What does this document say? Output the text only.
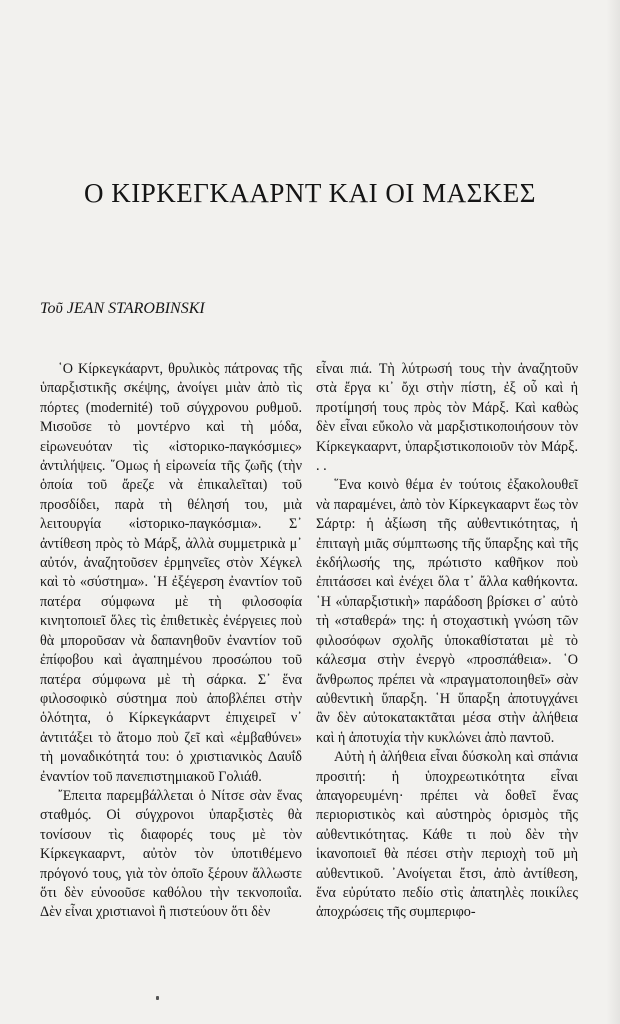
Ο ΚΙΡΚΕΓΚΑΑΡΝΤ ΚΑΙ ΟΙ ΜΑΣΚΕΣ

Τοῦ JEAN STAROBINSKI

῾Ο Κίρκεγκάαρντ, θρυλικὸς πάτρονας τῆς ὑπαρξιστικῆς σκέψης, ἀνοίγει μιὰν ἀπὸ τὶς πόρτες (modernité) τοῦ σύγχρονου ρυθμοῦ. Μισοῦσε τὸ μοντέρνο καὶ τὴ μόδα, εἰρωνευόταν τὶς «ἱστορικο-παγκόσμιες» ἀντιλήψεις. ῞Ομως ἡ εἰρωνεία τῆς ζωῆς (τὴν ὁποία τοῦ ἄρεζε νὰ ἐπικαλεῖται) τοῦ προσδίδει, παρὰ τὴ θέλησή του, μιὰ λειτουργία «ἱστορικο-παγκόσμια». Σ᾿ ἀντίθεση πρὸς τὸ Μάρξ, ἀλλὰ συμμετρικὰ μ᾿ αὐτόν, ἀναζητοῦσεν ἐρμηνεῖες στὸν Χέγκελ καὶ τὸ «σύστημα». ῾Η ἐξέγερση ἐναντίον τοῦ πατέρα σύμφωνα μὲ τὴ φιλοσοφία κινητοποιεῖ ὅλες τὶς ἐπιθετικὲς ἐνέργειες ποὺ θὰ μποροῦσαν νὰ δαπανηθοῦν ἐναντίον τοῦ ἐπίφοβου καὶ ἀγαπημένου προσώπου τοῦ πατέρα σύμφωνα μὲ τὴ σάρκα. Σ᾿ ἕνα φιλοσοφικὸ σύστημα ποὺ ἀποβλέπει στὴν ὁλότητα, ὁ Κίρκεγκάαρντ ἐπιχειρεῖ ν᾿ ἀντιτάξει τὸ ἄτομο ποὺ ζεῖ καὶ «ἐμβαθύνει» τὴ μοναδικότητά του: ὁ χριστιανικὸς Δαυΐδ ἐναντίον τοῦ πανεπιστημιακοῦ Γολιάθ.

῎Επειτα παρεμβάλλεται ὁ Νίτσε σὰν ἕνας σταθμός. Οἱ σύγχρονοι ὑπαρξιστὲς θὰ τονίσουν τὶς διαφορές τους μὲ τὸν Κίρκεγκααρντ, αὐτὸν τὸν ὑποτιθέμενο πρόγονό τους, γιὰ τὸν ὁποῖο ξέρουν ἄλλωστε ὅτι δὲν εὐνοοῦσε καθόλου τὴν τεκνοποιΐα. Δὲν εἶναι χριστιανοὶ ἢ πιστεύουν ὅτι δὲν

εἶναι πιά. Τὴ λύτρωσή τους τὴν ἀναζητοῦν στὰ ἔργα κι᾿ ὄχι στὴν πίστη, ἐξ οὗ καὶ ἡ προτίμησή τους πρὸς τὸν Μάρξ. Καὶ καθὼς δὲν εἶναι εὔκολο νὰ μαρξιστικοποιήσουν τὸν Κίρκεγκααρντ, ὑπαρξιστικοποιοῦν τὸν Μάρξ. . .

῞Ενα κοινὸ θέμα ἐν τούτοις ἐξακολουθεῖ νὰ παραμένει, ἀπὸ τὸν Κίρκεγκααρντ ἕως τὸν Σάρτρ: ἡ ἀξίωση τῆς αὐθεντικότητας, ἡ ἐπιταγὴ μιᾶς σύμπτωσης τῆς ὕπαρξης καὶ τῆς ἐκδήλωσής της, πρώτιστο καθῆκον ποὺ ἐπιτάσσει καὶ ἐνέχει ὅλα τ᾿ ἄλλα καθήκοντα. ῾Η «ὑπαρξιστικὴ» παράδοση βρίσκει σ᾿ αὐτὸ τὴ «σταθερά» της: ἡ στοχαστικὴ γνώση τῶν φιλοσόφων σχολῆς ὑποκαθίσταται μὲ τὸ κάλεσμα στὴν ἐνεργὸ «προσπάθεια». ῾Ο ἄνθρωπος πρέπει νὰ «πραγματοποιηθεῖ» σὰν αὐθεντικὴ ὕπαρξη. ῾Η ὕπαρξη ἀποτυγχάνει ἂν δὲν αὐτοκατακτᾶται μέσα στὴν ἀλήθεια καὶ ἡ ἀποτυχία τὴν κυκλώνει ἀπὸ παντοῦ.

Αὐτὴ ἡ ἀλήθεια εἶναι δύσκολη καὶ σπάνια προσιτή: ἡ ὑποχρεωτικότητα εἶναι ἀπαγορευμένη· πρέπει νὰ δοθεῖ ἕνας περιοριστικὸς καὶ αὐστηρὸς ὁρισμὸς τῆς αὐθεντικότητας. Κάθε τι ποὺ δὲν τὴν ἱκανοποιεῖ θὰ πέσει στὴν περιοχὴ τοῦ μὴ αὐθεντικοῦ. ᾿Ανοίγεται ἔτσι, ἀπὸ ἀντίθεση, ἕνα εὐρύτατο πεδίο στὶς ἀπατηλὲς ποικίλες ἀποχρώσεις τῆς συμπεριφο-
